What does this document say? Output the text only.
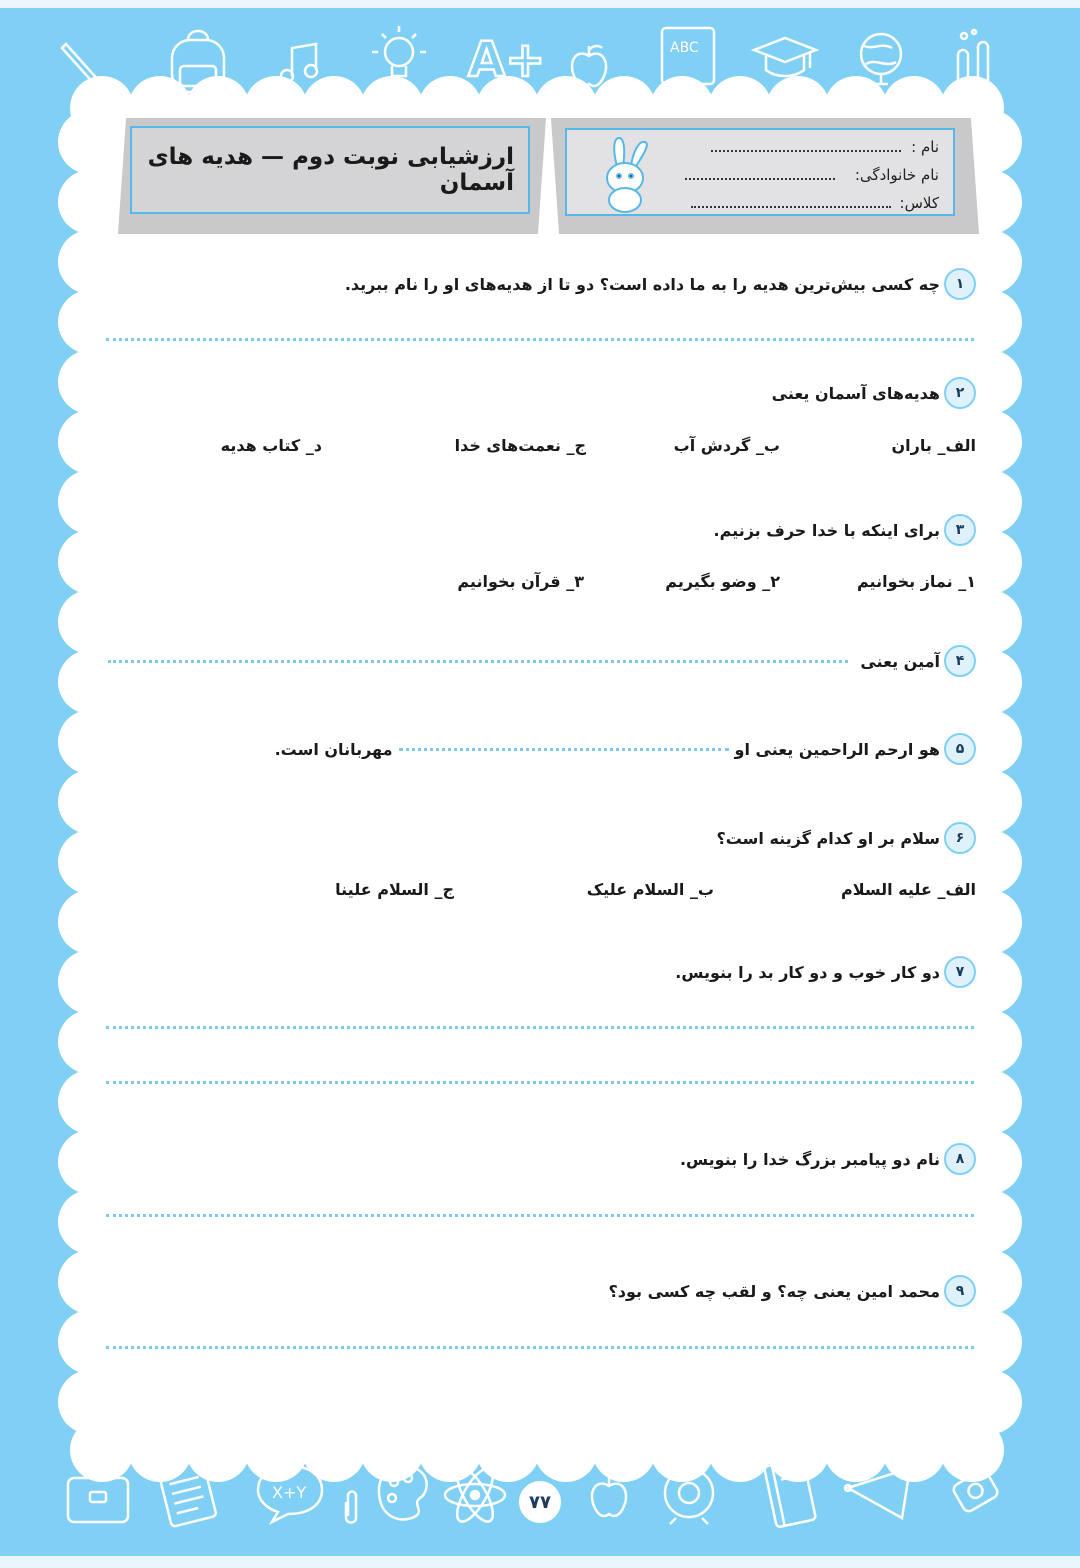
A+	ABC
X+Y
ارزشیابی نوبت دوم — هدیه های آسمان
نام :
نام خانوادگی:
کلاس:
۱
چه کسی بیش‌ترین هدیه را به ما داده است؟ دو تا از هدیه‌های او را نام ببرید.
۲
هدیه‌های آسمان یعنی
الف_ باران
ب_ گردش آب
ج_ نعمت‌های خدا
د_ کتاب هدیه
۳
برای اینکه با خدا حرف بزنیم.
۱_ نماز بخوانیم
۲_ وضو بگیریم
۳_ قرآن بخوانیم
۴
آمین یعنی
۵
هو ارحم الراحمین یعنی او
مهربانان است.
۶
سلام بر او کدام گزینه است؟
الف_ علیه السلام
ب_ السلام علیک
ج_ السلام علینا
۷
دو کار خوب و دو کار بد را بنویس.
۸
نام دو پیامبر بزرگ خدا را بنویس.
۹
محمد امین یعنی چه؟ و لقب چه کسی بود؟
۷۷
